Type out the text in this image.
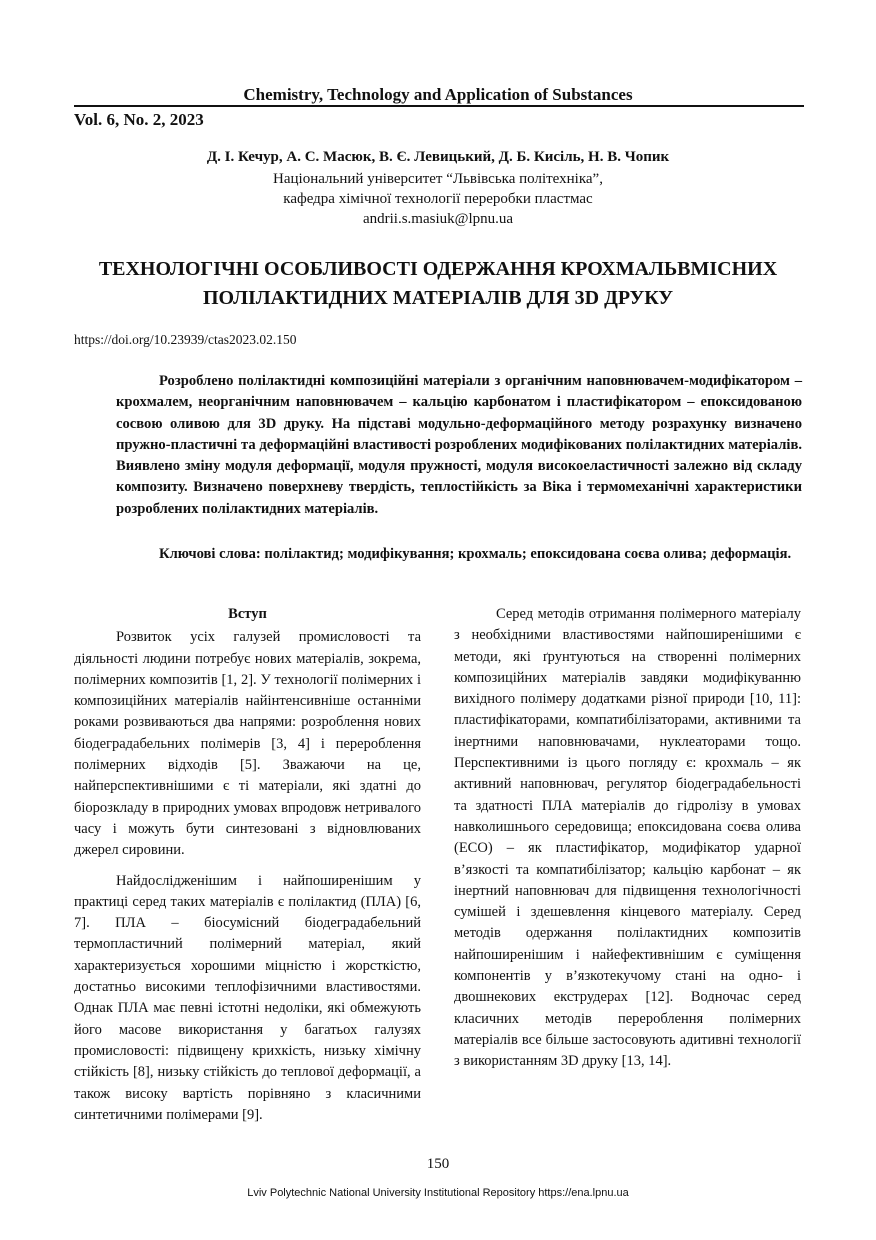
Chemistry, Technology and Application of Substances
Vol. 6, No. 2, 2023
Д. І. Кечур, А. С. Масюк, В. Є. Левицький, Д. Б. Кисіль, Н. В. Чопик
Національний університет “Львівська політехніка”,
кафедра хімічної технології переробки пластмас
andrii.s.masiuk@lpnu.ua
ТЕХНОЛОГІЧНІ ОСОБЛИВОСТІ ОДЕРЖАННЯ КРОХМАЛЬВМІСНИХ ПОЛІЛАКТИДНИХ МАТЕРІАЛІВ ДЛЯ 3D ДРУКУ
https://doi.org/10.23939/ctas2023.02.150
Розроблено полілактидні композиційні матеріали з органічним наповнювачем-модифікатором – крохмалем, неорганічним наповнювачем – кальцію карбонатом і пластифікатором – епоксидованою сосвою оливою для 3D друку. На підставі модульно-деформаційного методу розрахунку визначено пружно-пластичні та деформаційні властивості розроблених модифікованих полілактидних матеріалів. Виявлено зміну модуля деформації, модуля пружності, модуля високоеластичності залежно від складу композиту. Визначено поверхневу твердість, теплостійкість за Віка і термомеханічні характеристики розроблених полілактидних матеріалів.
Ключові слова: полілактид; модифікування; крохмаль; епоксидована соєва олива; деформація.

Вступ

Розвиток усіх галузей промисловості та діяльності людини потребує нових матеріалів, зокрема, полімерних композитів [1, 2]. У технології полімерних і композиційних матеріалів найінтенсивніше останніми роками розвиваються два напрями: розроблення нових біодеградабельних полімерів [3, 4] і перероблення полімерних відходів [5]. Зважаючи на це, найперспективнішими є ті матеріали, які здатні до біорозкладу в природних умовах впродовж нетривалого часу і можуть бути синтезовані з відновлюваних джерел сировини.

Найдослідженішим і найпоширенішим у практиці серед таких матеріалів є полілактид (ПЛА) [6, 7]. ПЛА – біосумісний біодеградабельний термопластичний полімерний матеріал, який характеризується хорошими міцністю і жорсткістю, достатньо високими теплофізичними властивостями. Однак ПЛА має певні істотні недоліки, які обмежують його масове використання у багатьох галузях промисловості: підвищену крихкість, низьку хімічну стійкість [8], низьку стійкість до теплової деформації, а також високу вартість порівняно з класичними синтетичними полімерами [9].

Серед методів отримання полімерного матеріалу з необхідними властивостями найпоширенішими є методи, які ґрунтуються на створенні полімерних композиційних матеріалів завдяки модифікуванню вихідного полімеру додатками різної природи [10, 11]: пластифікаторами, компатибілізаторами, активними та інертними наповнювачами, нуклеаторами тощо. Перспективними із цього погляду є: крохмаль – як активний наповнювач, регулятор біодеградабельності та здатності ПЛА матеріалів до гідролізу в умовах навколишнього середовища; епоксидована соєва олива (ЕСО) – як пластифікатор, модифікатор ударної в’язкості та компатибілізатор; кальцію карбонат – як інертний наповнювач для підвищення технологічності сумішей і здешевлення кінцевого матеріалу. Серед методів одержання полілактидних композитів найпоширенішим і найефективнішим є суміщення компонентів у в’язкотекучому стані на одно- і двошнекових екструдерах [12]. Водночас серед класичних методів перероблення полімерних матеріалів все більше застосовують адитивні технології з використанням 3D друку [13, 14].

150
Lviv Polytechnic National University Institutional Repository https://ena.lpnu.ua
